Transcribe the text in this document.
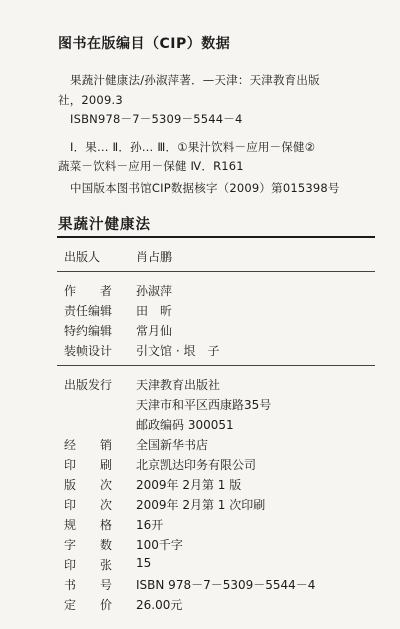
图书在版编目（CIP）数据
果蔬汁健康法/孙淑萍著．—天津：天津教育出版
社，2009.3
ISBN978－7－5309－5544－4
Ⅰ．果… Ⅱ．孙… Ⅲ．①果汁饮料－应用－保健②
蔬菜－饮料－应用－保健 Ⅳ．R161
中国版本图书馆CIP数据核字（2009）第015398号
果蔬汁健康法
出版人	肖占鹏
作　　者 孙淑萍
责任编辑 田　昕
特约编辑 常月仙
装帧设计 引文馆 · 垠　子
出版发行 天津教育出版社
天津市和平区西康路35号
邮政编码 300051
经　　销 全国新华书店
印　　刷 北京凯达印务有限公司
版　　次 2009年 2月第 1 版
印　　次 2009年 2月第 1 次印刷
规　　格 16开
字　　数 100千字
印　　张 15
书　　号 ISBN 978－7－5309－5544－4
定　　价 26.00元
